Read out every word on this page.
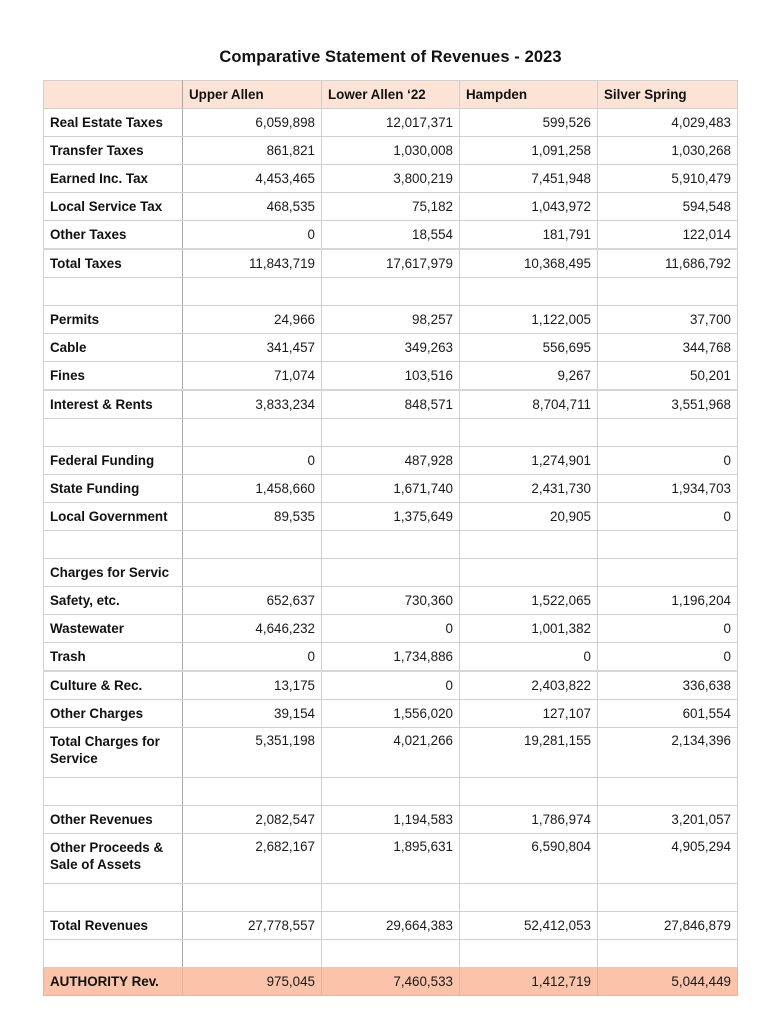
Comparative Statement of Revenues - 2023
	Upper Allen	Lower Allen ‘22	Hampden	Silver Spring
Real Estate Taxes	6,059,898	12,017,371	599,526	4,029,483
Transfer Taxes	861,821	1,030,008	1,091,258	1,030,268
Earned Inc. Tax	4,453,465	3,800,219	7,451,948	5,910,479
Local Service Tax	468,535	75,182	1,043,972	594,548
Other Taxes	0	18,554	181,791	122,014
Total Taxes	11,843,719	17,617,979	10,368,495	11,686,792

Permits	24,966	98,257	1,122,005	37,700
Cable	341,457	349,263	556,695	344,768
Fines	71,074	103,516	9,267	50,201
Interest & Rents	3,833,234	848,571	8,704,711	3,551,968

Federal Funding	0	487,928	1,274,901	0
State Funding	1,458,660	1,671,740	2,431,730	1,934,703
Local Government	89,535	1,375,649	20,905	0

Charges for Servic				
Safety, etc.	652,637	730,360	1,522,065	1,196,204
Wastewater	4,646,232	0	1,001,382	0
Trash	0	1,734,886	0	0
Culture & Rec.	13,175	0	2,403,822	336,638
Other Charges	39,154	1,556,020	127,107	601,554
Total Charges for Service	5,351,198	4,021,266	19,281,155	2,134,396

Other Revenues	2,082,547	1,194,583	1,786,974	3,201,057
Other Proceeds & Sale of Assets	2,682,167	1,895,631	6,590,804	4,905,294

Total Revenues	27,778,557	29,664,383	52,412,053	27,846,879

AUTHORITY Rev.	975,045	7,460,533	1,412,719	5,044,449
